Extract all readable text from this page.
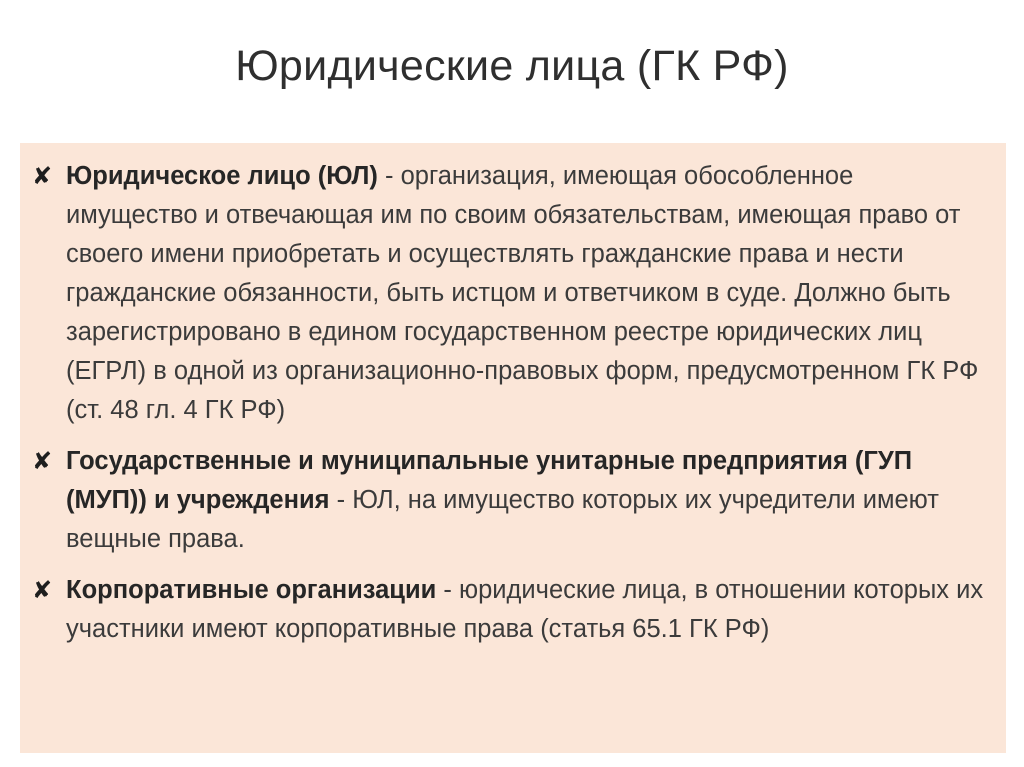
Юридические лица (ГК РФ)
✘ Юридическое лицо (ЮЛ) - организация, имеющая обособленное имущество и отвечающая им по своим обязательствам, имеющая право от своего имени приобретать и осуществлять гражданские права и нести гражданские обязанности, быть истцом и ответчиком в суде. Должно быть зарегистрировано в едином государственном реестре юридических лиц (ЕГРЛ) в одной из организационно-правовых форм, предусмотренном ГК РФ (ст. 48 гл. 4 ГК РФ)
✘ Государственные и муниципальные унитарные предприятия (ГУП (МУП)) и учреждения - ЮЛ, на имущество которых их учредители имеют вещные права.
✘ Корпоративные организации - юридические лица, в отношении которых их участники имеют корпоративные права (статья 65.1 ГК РФ)
